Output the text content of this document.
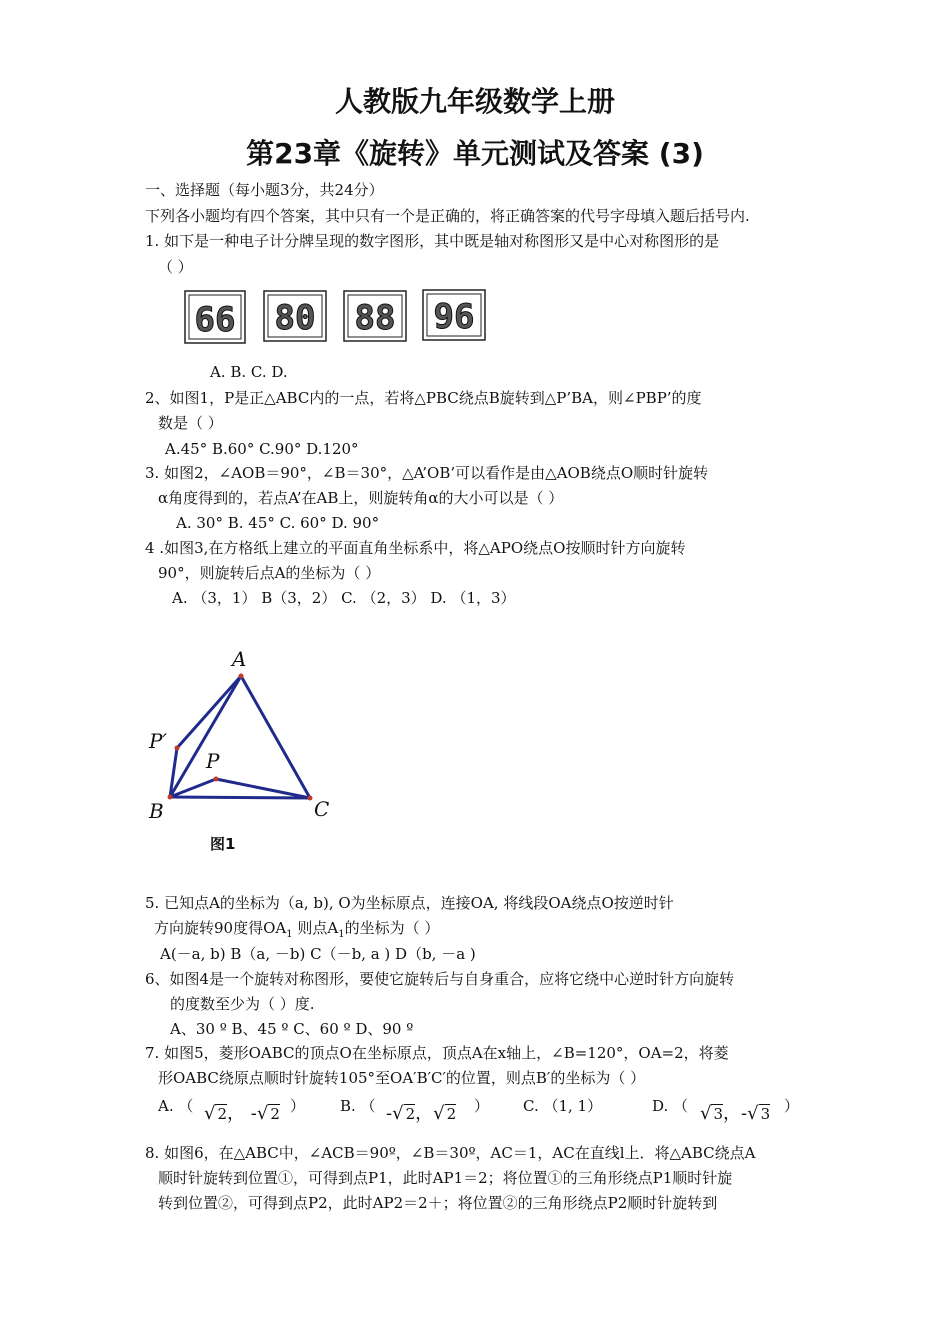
人教版九年级数学上册
第23章《旋转》单元测试及答案 (3)
一、选择题（每小题3分，共24分）
下列各小题均有四个答案，其中只有一个是正确的，将正确答案的代号字母填入题后括号内.
1. 如下是一种电子计分牌呈现的数字图形，其中既是轴对称图形又是中心对称图形的是
（ ）
66 80 88 96
A. B. C. D.
2、如图1，P是正△ABC内的一点，若将△PBC绕点B旋转到△P’BA，则∠PBP’的度
数是（ ）
A.45° B.60° C.90° D.120°
3. 如图2，∠AOB＝90°，∠B＝30°，△A’OB’可以看作是由△AOB绕点O顺时针旋转
α角度得到的，若点A’在AB上，则旋转角α的大小可以是（ ）
A. 30° B. 45° C. 60° D. 90°
4 .如图3,在方格纸上建立的平面直角坐标系中，将△APO绕点O按顺时针方向旋转
90°，则旋转后点A的坐标为（ ）
A. （3，1） B（3，2） C. （2，3） D. （1，3）
A
P′
P
B	C
图1
5. 已知点A的坐标为（a, b), O为坐标原点，连接OA, 将线段OA绕点O按逆时针
方向旋转90度得$OA_1$ 则点$A_1$的坐标为（ ）
A(－a, b) B（a, －b) C（－b, a ) D（b, －a )
6、如图4是一个旋转对称图形，要使它旋转后与自身重合，应将它绕中心逆时针方向旋转
的度数至少为（ ）度.
A、30 º B、45 º C、60 º D、90 º
7. 如图5，菱形OABC的顶点O在坐标原点，顶点A在x轴上，∠B=120°，OA=2，将菱
形OABC绕原点顺时针旋转105°至OA′B′C′的位置，则点B′的坐标为（ ）
A. （ √ 2， -√ 2 ） B. （ -√ 2，√ 2 ） C. （1, 1）	D. （ √ 3，-√ 3 ）
8. 如图6，在△ABC中，∠ACB＝90º，∠B＝30º，AC＝1，AC在直线l上．将△ABC绕点A
顺时针旋转到位置①，可得到点P1，此时AP1＝2；将位置①的三角形绕点P1顺时针旋
转到位置②，可得到点P2，此时AP2＝2＋；将位置②的三角形绕点P2顺时针旋转到
